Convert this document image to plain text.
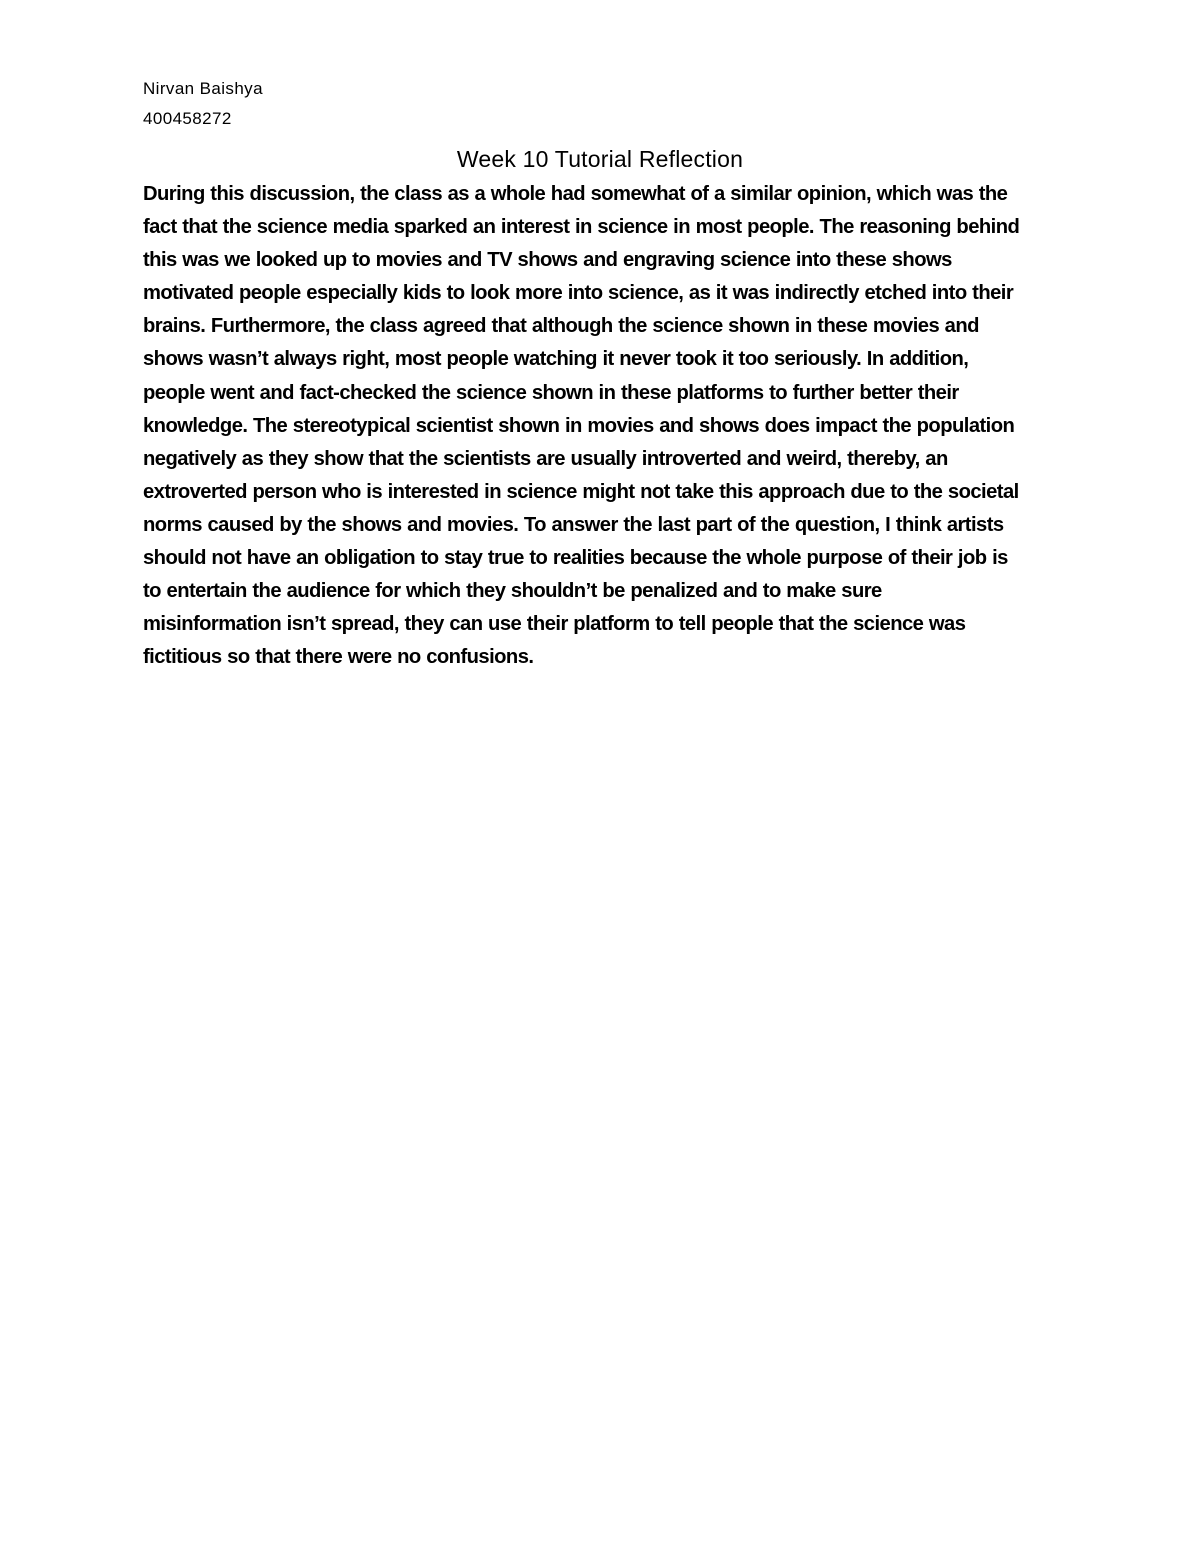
Nirvan Baishya
400458272
Week 10 Tutorial Reflection

During this discussion, the class as a whole had somewhat of a similar opinion, which was the
fact that the science media sparked an interest in science in most people. The reasoning behind
this was we looked up to movies and TV shows and engraving science into these shows
motivated people especially kids to look more into science, as it was indirectly etched into their
brains. Furthermore, the class agreed that although the science shown in these movies and
shows wasn’t always right, most people watching it never took it too seriously. In addition,
people went and fact-checked the science shown in these platforms to further better their
knowledge. The stereotypical scientist shown in movies and shows does impact the population
negatively as they show that the scientists are usually introverted and weird, thereby, an
extroverted person who is interested in science might not take this approach due to the societal
norms caused by the shows and movies. To answer the last part of the question, I think artists
should not have an obligation to stay true to realities because the whole purpose of their job is
to entertain the audience for which they shouldn’t be penalized and to make sure
misinformation isn’t spread, they can use their platform to tell people that the science was
fictitious so that there were no confusions.
